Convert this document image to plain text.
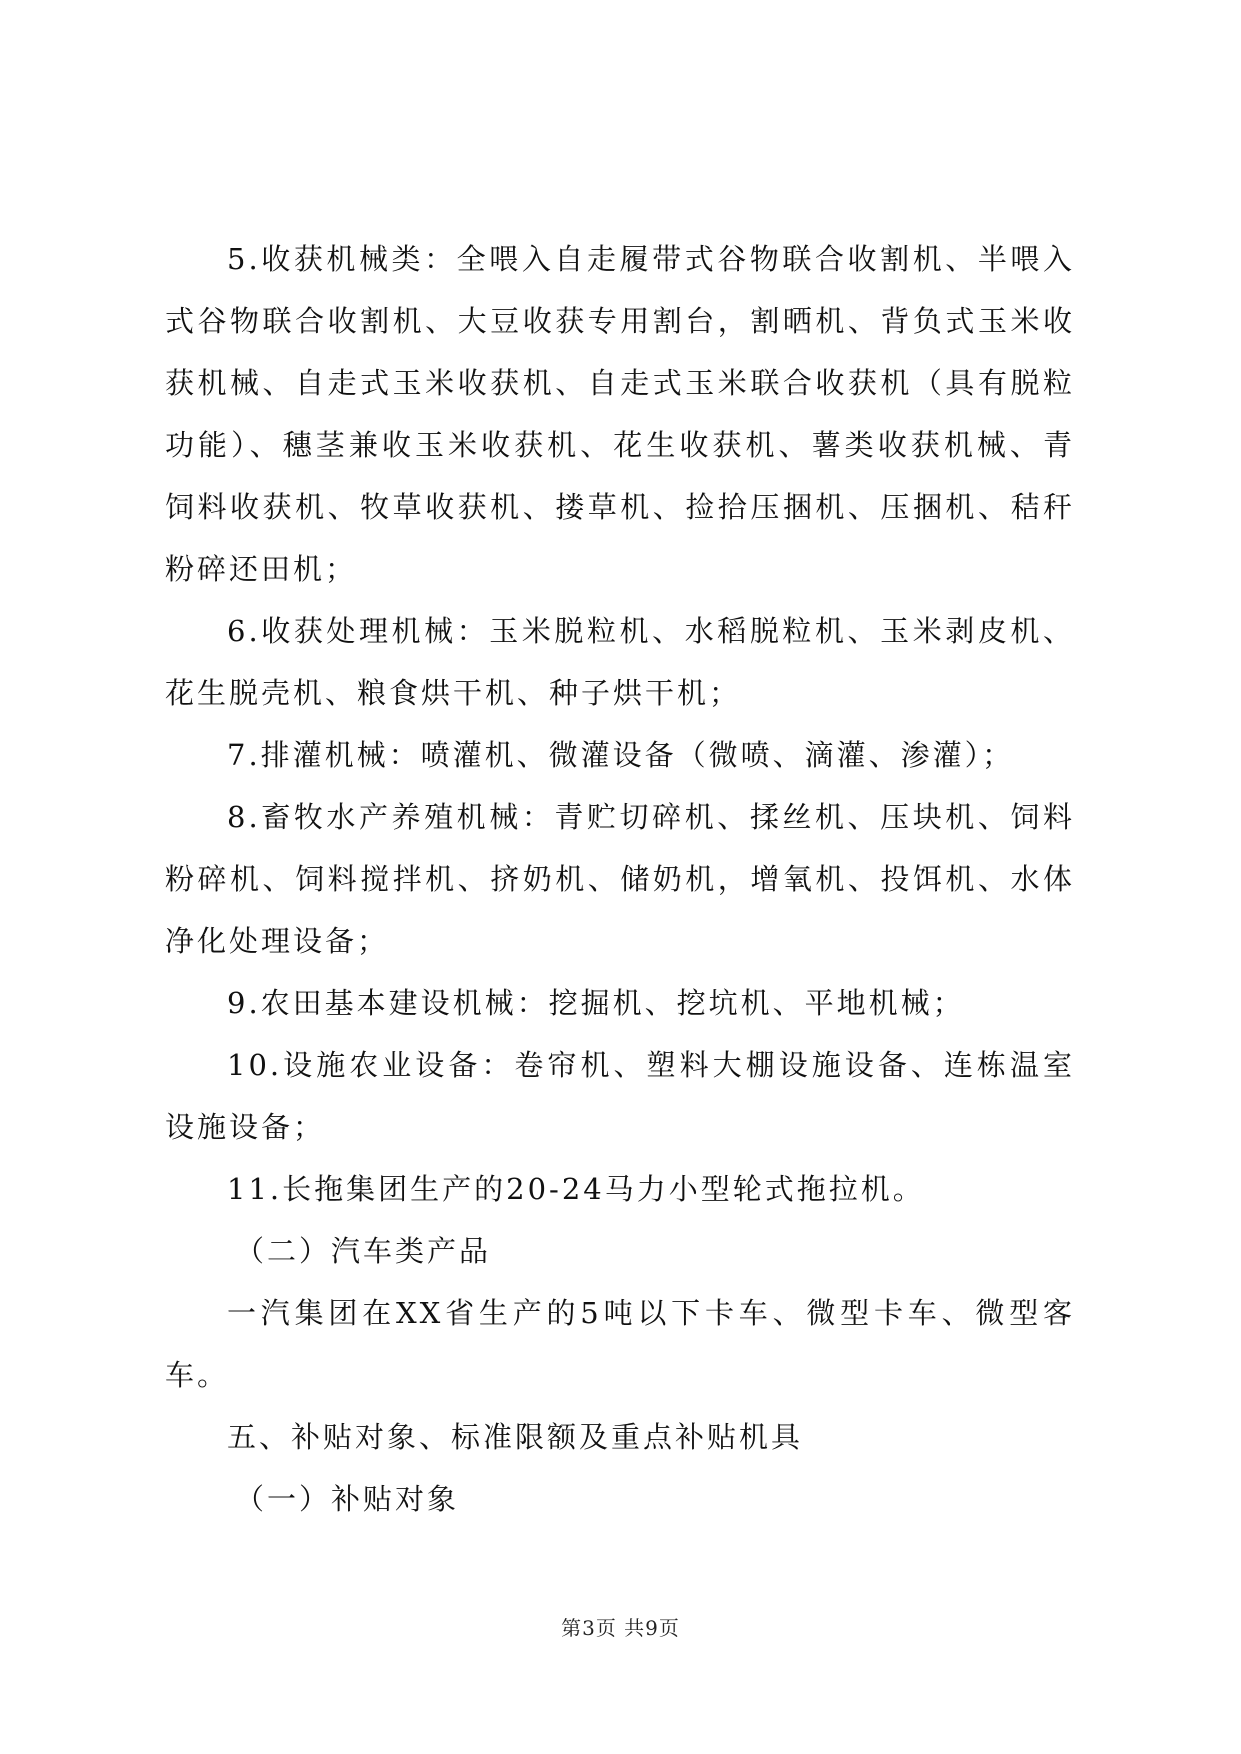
5.收获机械类：全喂入自走履带式谷物联合收割机、半喂入式谷物联合收割机、大豆收获专用割台，割晒机、背负式玉米收获机械、自走式玉米收获机、自走式玉米联合收获机（具有脱粒功能）、穗茎兼收玉米收获机、花生收获机、薯类收获机械、青饲料收获机、牧草收获机、搂草机、捡拾压捆机、压捆机、秸秆粉碎还田机；

6.收获处理机械：玉米脱粒机、水稻脱粒机、玉米剥皮机、花生脱壳机、粮食烘干机、种子烘干机；

7.排灌机械：喷灌机、微灌设备（微喷、滴灌、渗灌）；

8.畜牧水产养殖机械：青贮切碎机、揉丝机、压块机、饲料粉碎机、饲料搅拌机、挤奶机、储奶机，增氧机、投饵机、水体净化处理设备；

9.农田基本建设机械：挖掘机、挖坑机、平地机械；

10.设施农业设备：卷帘机、塑料大棚设施设备、连栋温室设施设备；

11.长拖集团生产的20-24马力小型轮式拖拉机。

（二）汽车类产品

一汽集团在XX省生产的5吨以下卡车、微型卡车、微型客车。

五、补贴对象、标准限额及重点补贴机具

（一）补贴对象

第3页 共9页
